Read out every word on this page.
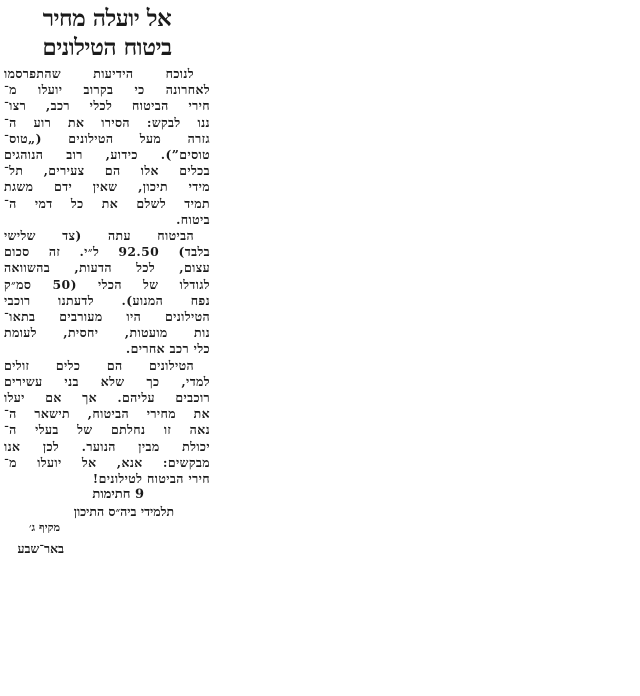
אל יועלה מחיר
ביטוח הטילונים
לנוכח הידיעות שהתפרסמו
לאחרונה כי בקרוב יועלו מ־
חירי הביטוח לכלי רכב, רצו־
ננו לבקש: הסירו את רוע ה־
גזרה מעל הטילונים („טוס־
טוסים”). כידוע, רוב הנוהגים
בכלים אלו הם צעירים, תל־
מידי תיכון, שאין ידם משגת
תמיד לשלם את כל דמי ה־
ביטוח.
הביטוח עתה (צד שלישי
בלבד) 92.50 ל״י. זה סכום
עצום, לכל הדעות, בהשוואה
לגודלו של הכלי (50 סמ״ק
נפח המנוע). לדעתנו רוכבי
הטילונים היו מעורבים בתאו־
נות מועטות, יחסית, לעומת
כלי רכב אחרים.
הטילונים הם כלים זולים
למדי, כך שלא בני עשירים
רוכבים עליהם. אך אם יעלו
את מחירי הביטוח, תישאר ה־
נאה זו נחלתם של בעלי ה־
יכולת מבין הנוער. לכן אנו
מבקשים: אנא, אל יועלו מ־
חירי הביטוח לטילונים!
9 חתימות
תלמידי ביה״ס התיכון
מקיף ג׳
באר־שבע
